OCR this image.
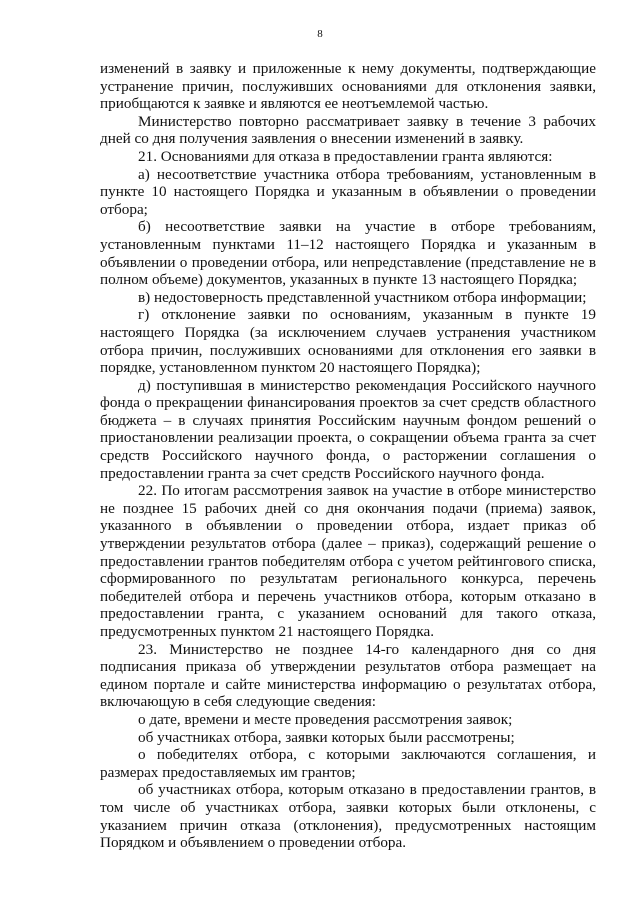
8

изменений в заявку и приложенные к нему документы, подтверждающие устранение причин, послуживших основаниями для отклонения заявки, приобщаются к заявке и являются ее неотъемлемой частью.

Министерство повторно рассматривает заявку в течение 3 рабочих дней со дня получения заявления о внесении изменений в заявку.

21. Основаниями для отказа в предоставлении гранта являются:

а) несоответствие участника отбора требованиям, установленным в пункте 10 настоящего Порядка и указанным в объявлении о проведении отбора;

б) несоответствие заявки на участие в отборе требованиям, установленным пунктами 11–12 настоящего Порядка и указанным в объявлении о проведении отбора, или непредставление (представление не в полном объеме) документов, указанных в пункте 13 настоящего Порядка;

в) недостоверность представленной участником отбора информации;

г) отклонение заявки по основаниям, указанным в пункте 19 настоящего Порядка (за исключением случаев устранения участником отбора причин, послуживших основаниями для отклонения его заявки в порядке, установленном пунктом 20 настоящего Порядка);

д) поступившая в министерство рекомендация Российского научного фонда о прекращении финансирования проектов за счет средств областного бюджета – в случаях принятия Российским научным фондом решений о приостановлении реализации проекта, о сокращении объема гранта за счет средств Российского научного фонда, о расторжении соглашения о предоставлении гранта за счет средств Российского научного фонда.

22. По итогам рассмотрения заявок на участие в отборе министерство не позднее 15 рабочих дней со дня окончания подачи (приема) заявок, указанного в объявлении о проведении отбора, издает приказ об утверждении результатов отбора (далее – приказ), содержащий решение о предоставлении грантов победителям отбора с учетом рейтингового списка, сформированного по результатам регионального конкурса, перечень победителей отбора и перечень участников отбора, которым отказано в предоставлении гранта, с указанием оснований для такого отказа, предусмотренных пунктом 21 настоящего Порядка.

23. Министерство не позднее 14-го календарного дня со дня подписания приказа об утверждении результатов отбора размещает на едином портале и сайте министерства информацию о результатах отбора, включающую в себя следующие сведения:

о дате, времени и месте проведения рассмотрения заявок;

об участниках отбора, заявки которых были рассмотрены;

о победителях отбора, с которыми заключаются соглашения, и размерах предоставляемых им грантов;

об участниках отбора, которым отказано в предоставлении грантов, в том числе об участниках отбора, заявки которых были отклонены, с указанием причин отказа (отклонения), предусмотренных настоящим Порядком и объявлением о проведении отбора.
